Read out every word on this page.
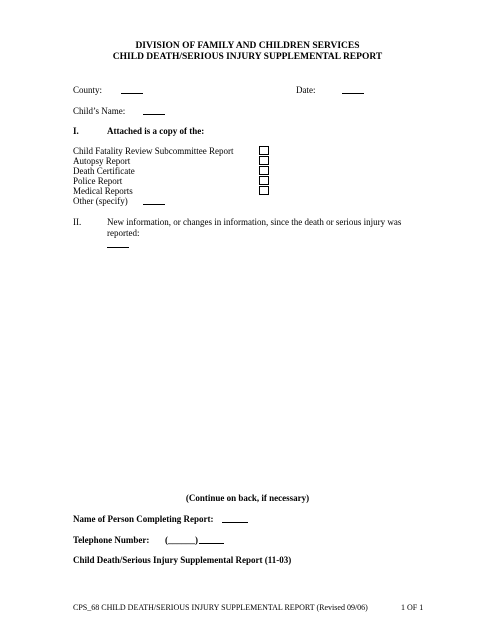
DIVISION OF FAMILY AND CHILDREN SERVICES
CHILD DEATH/SERIOUS INJURY SUPPLEMENTAL REPORT
County:	Date:
Child’s Name:
I.	Attached is a copy of the:
Child Fatality Review Subcommittee Report
Autopsy Report
Death Certificate
Police Report
Medical Reports
Other (specify)
II.	New information, or changes in information, since the death or serious injury was
reported:
(Continue on back, if necessary)
Name of Person Completing Report:
Telephone Number: (______)
Child Death/Serious Injury Supplemental Report (11-03)
CPS_68 CHILD DEATH/SERIOUS INJURY SUPPLEMENTAL REPORT (Revised 09/06)	1 OF 1
